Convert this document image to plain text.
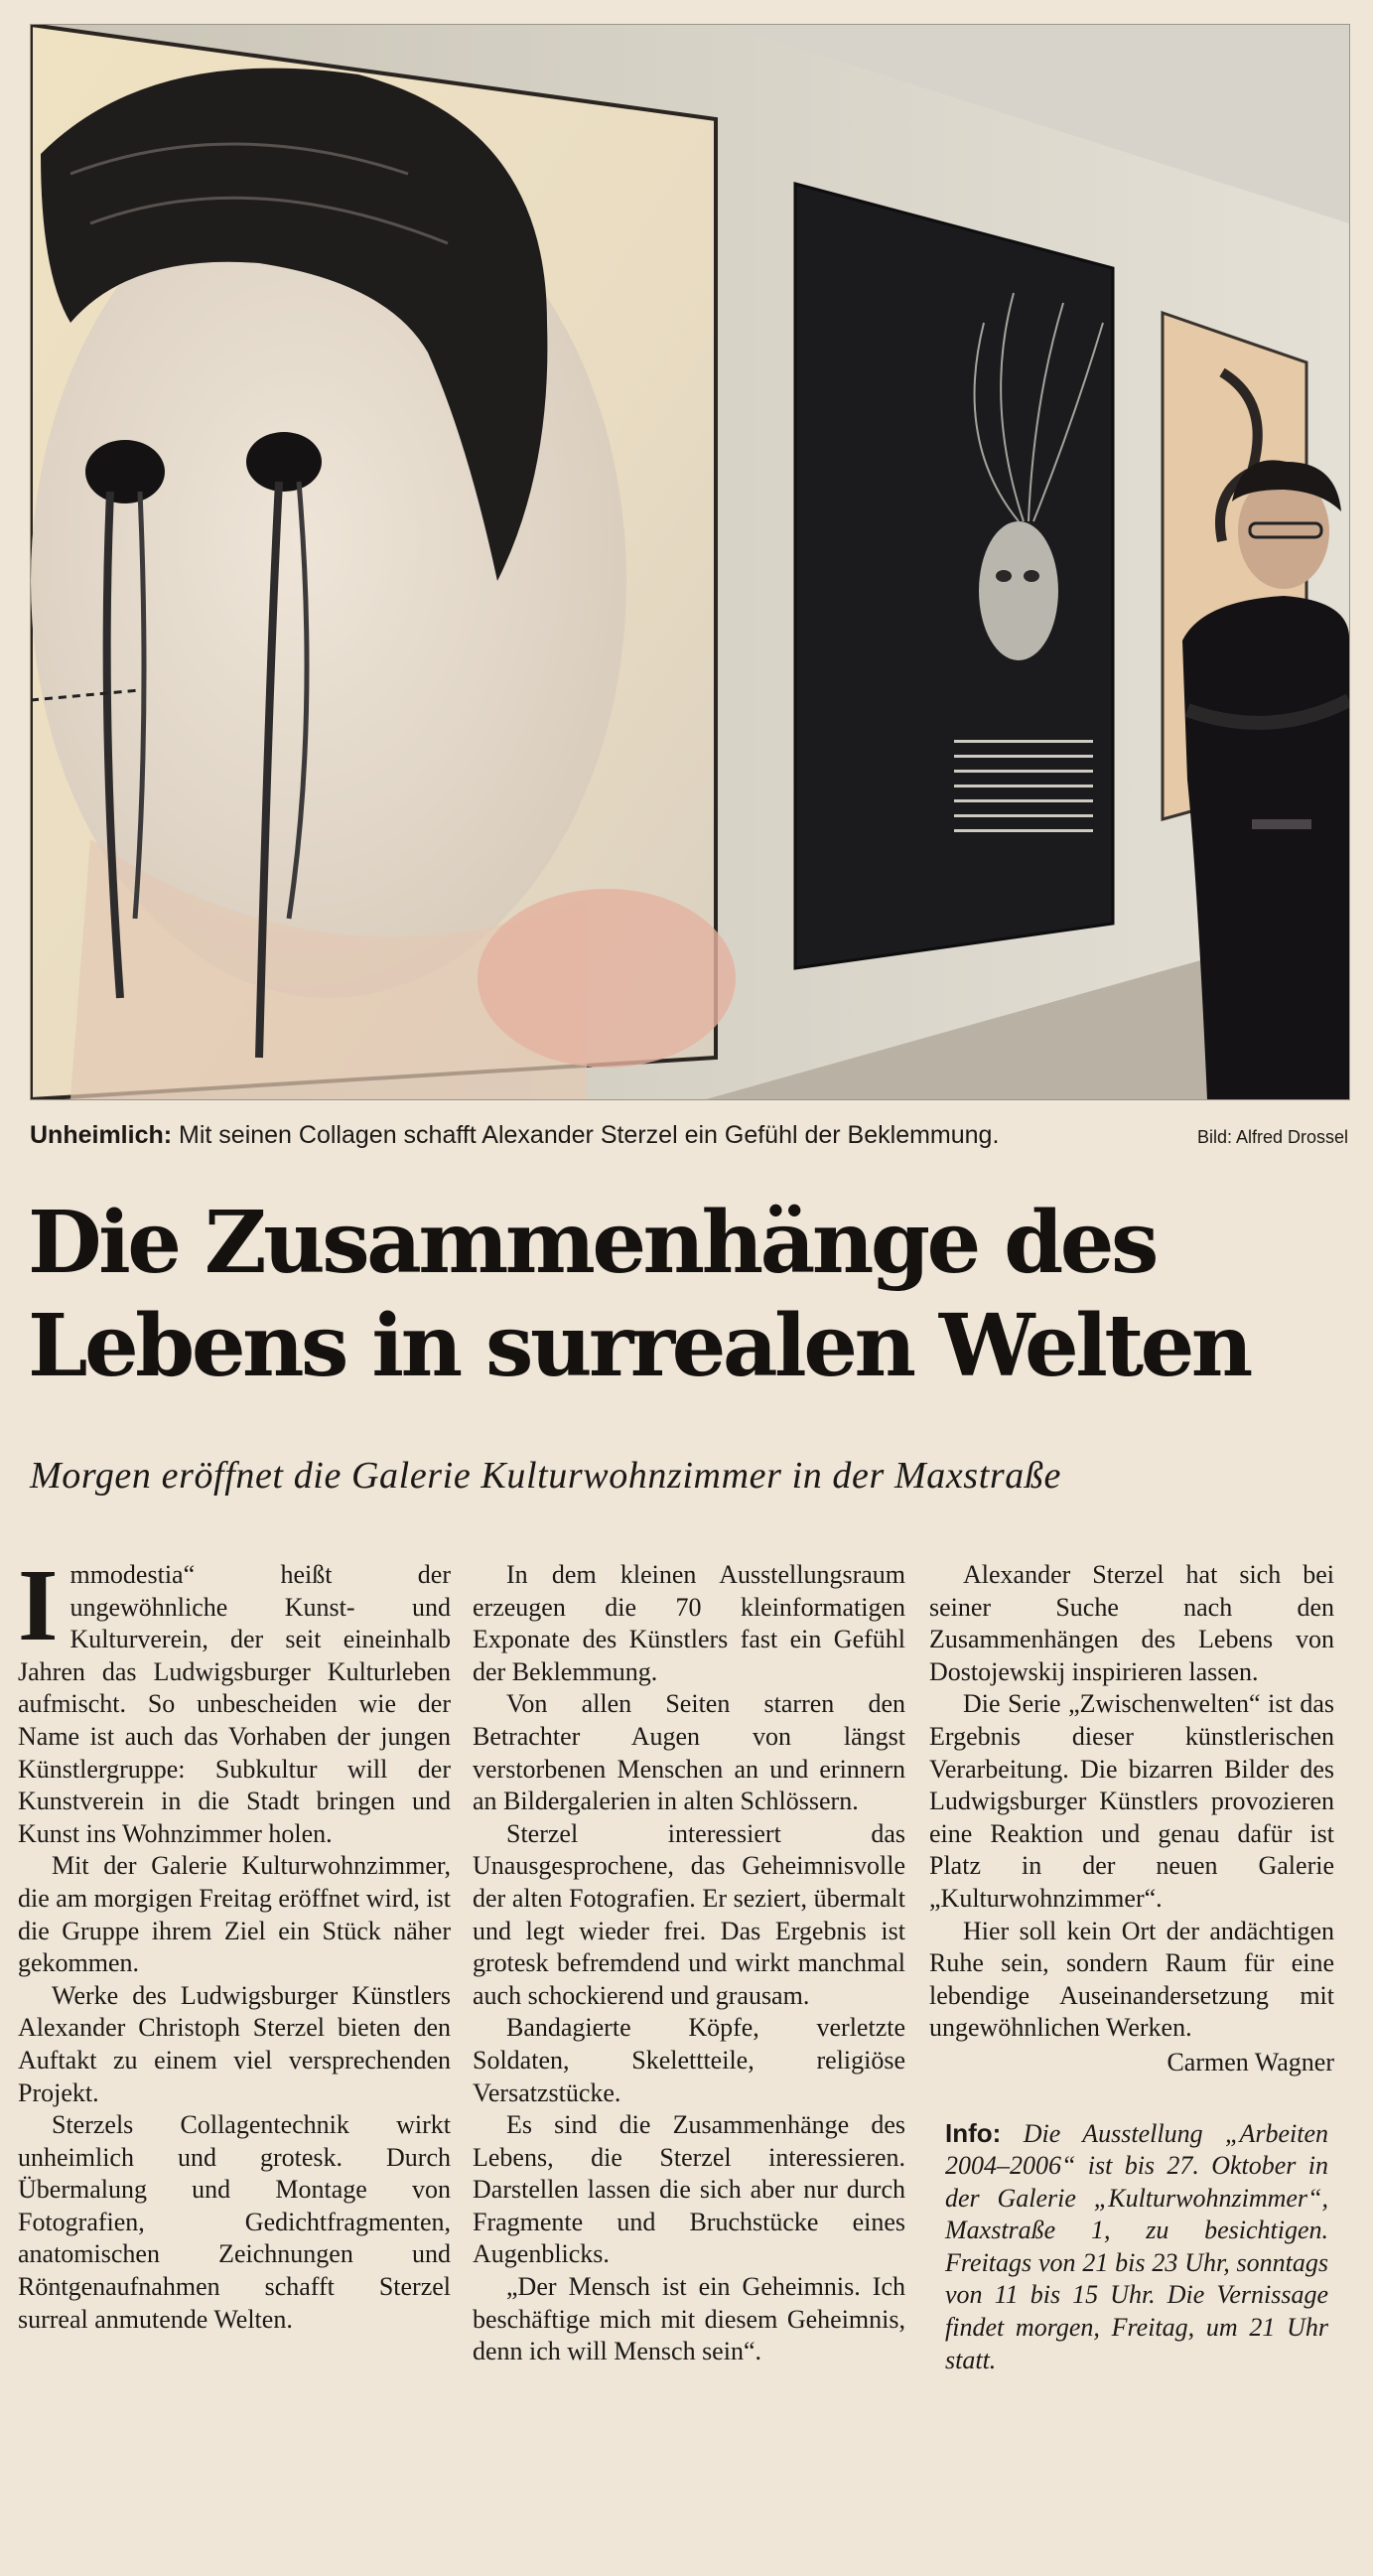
Unheimlich: Mit seinen Collagen schafft Alexander Sterzel ein Gefühl der Beklemmung.	Bild: Alfred Drossel
Die Zusammenhänge des
Lebens in surrealen Welten

Morgen eröffnet die Galerie Kulturwohnzimmer in der Maxstraße

Immodestia“ heißt der ungewöhnliche Kunst- und Kulturverein, der seit eineinhalb Jahren das Ludwigsburger Kulturleben aufmischt. So unbescheiden wie der Name ist auch das Vorhaben der jungen Künstlergruppe: Subkultur will der Kunstverein in die Stadt bringen und Kunst ins Wohnzimmer holen.

Mit der Galerie Kulturwohnzimmer, die am morgigen Freitag eröffnet wird, ist die Gruppe ihrem Ziel ein Stück näher gekommen.

Werke des Ludwigsburger Künstlers Alexander Christoph Sterzel bieten den Auftakt zu einem viel versprechenden Projekt.

Sterzels Collagentechnik wirkt unheimlich und grotesk. Durch Übermalung und Montage von Fotografien, Gedichtfragmenten, anatomischen Zeichnungen und Röntgenaufnahmen schafft Sterzel surreal anmutende Welten.

In dem kleinen Ausstellungsraum erzeugen die 70 kleinformatigen Exponate des Künstlers fast ein Gefühl der Beklemmung.

Von allen Seiten starren den Betrachter Augen von längst verstorbenen Menschen an und erinnern an Bildergalerien in alten Schlössern.

Sterzel interessiert das Unausgesprochene, das Geheimnisvolle der alten Fotografien. Er seziert, übermalt und legt wieder frei. Das Ergebnis ist grotesk befremdend und wirkt manchmal auch schockierend und grausam.

Bandagierte Köpfe, verletzte Soldaten, Skelettteile, religiöse Versatzstücke.

Es sind die Zusammenhänge des Lebens, die Sterzel interessieren. Darstellen lassen die sich aber nur durch Fragmente und Bruchstücke eines Augenblicks.

„Der Mensch ist ein Geheimnis. Ich beschäftige mich mit diesem Geheimnis, denn ich will Mensch sein“.

Alexander Sterzel hat sich bei seiner Suche nach den Zusammenhängen des Lebens von Dostojewskij inspirieren lassen.

Die Serie „Zwischenwelten“ ist das Ergebnis dieser künstlerischen Verarbeitung. Die bizarren Bilder des Ludwigsburger Künstlers provozieren eine Reaktion und genau dafür ist Platz in der neuen Galerie „Kulturwohnzimmer“.

Hier soll kein Ort der andächtigen Ruhe sein, sondern Raum für eine lebendige Auseinandersetzung mit ungewöhnlichen Werken.

Carmen Wagner

Info: Die Ausstellung „Arbeiten 2004–2006“ ist bis 27. Oktober in der Galerie „Kulturwohnzimmer“, Maxstraße 1, zu besichtigen. Freitags von 21 bis 23 Uhr, sonntags von 11 bis 15 Uhr. Die Vernissage findet morgen, Freitag, um 21 Uhr statt.
